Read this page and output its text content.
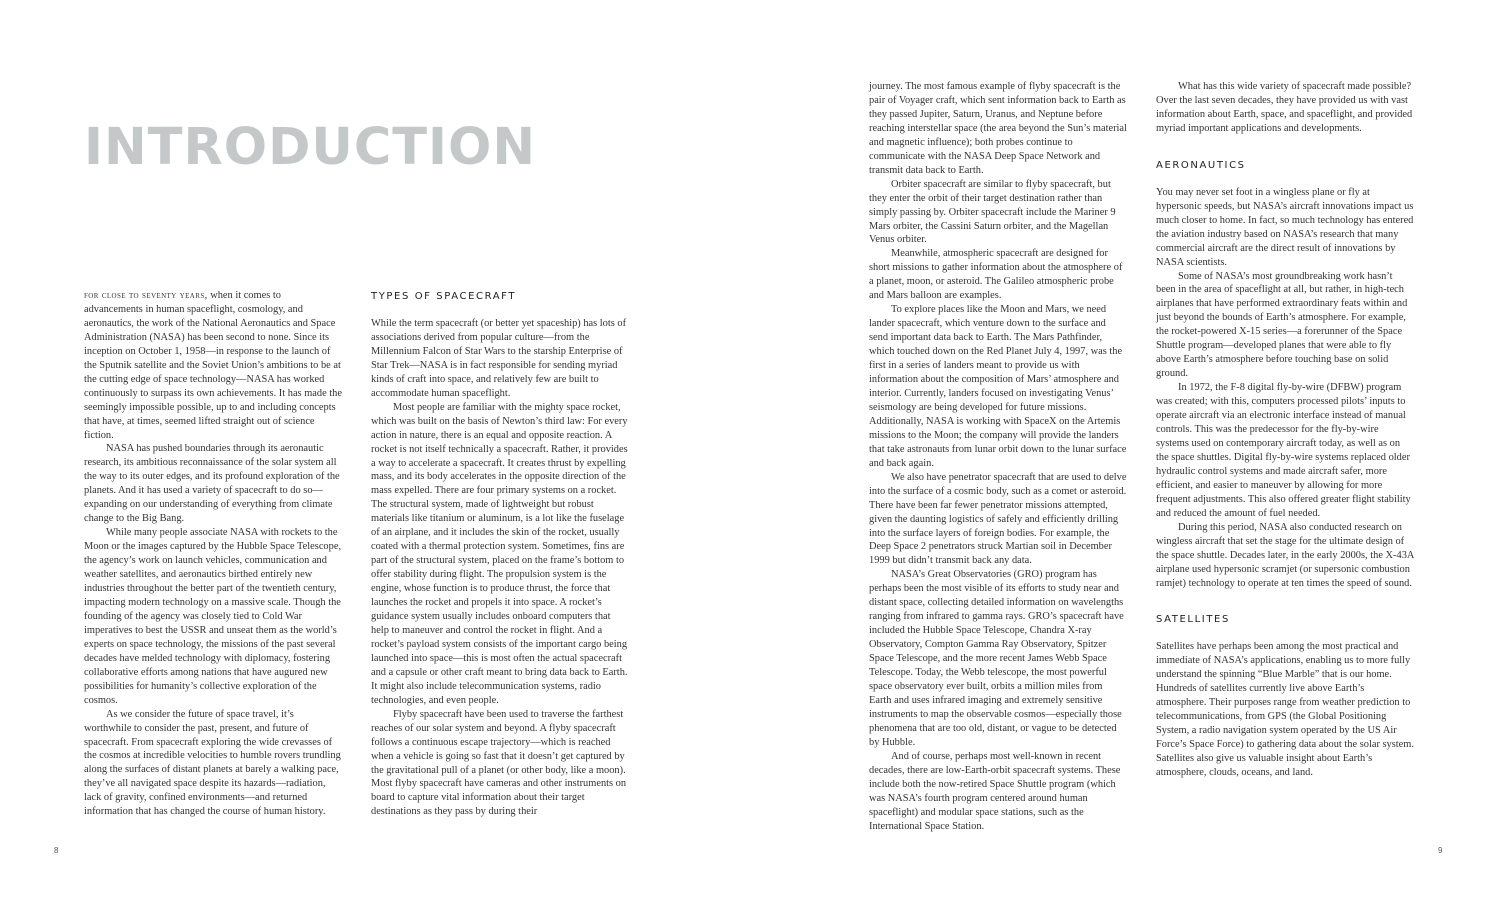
INTRODUCTION

for close to seventy years, when it comes to advancements in human spaceflight, cosmology, and aeronautics, the work of the National Aeronautics and Space Administration (NASA) has been second to none. Since its inception on October 1, 1958—in response to the launch of the Sputnik satellite and the Soviet Union’s ambitions to be at the cutting edge of space technology—NASA has worked continuously to surpass its own achievements. It has made the seemingly impossible possible, up to and including concepts that have, at times, seemed lifted straight out of science fiction.

NASA has pushed boundaries through its aeronautic research, its ambitious reconnaissance of the solar system all the way to its outer edges, and its profound exploration of the planets. And it has used a variety of spacecraft to do so—expanding on our understanding of everything from climate change to the Big Bang.

While many people associate NASA with rockets to the Moon or the images captured by the Hubble Space Telescope, the agency’s work on launch vehicles, communication and weather satellites, and aeronautics birthed entirely new industries throughout the better part of the twentieth century, impacting modern technology on a massive scale. Though the founding of the agency was closely tied to Cold War imperatives to best the USSR and unseat them as the world’s experts on space technology, the missions of the past several decades have melded technology with diplomacy, fostering collaborative efforts among nations that have augured new possibilities for humanity’s collective exploration of the cosmos.

As we consider the future of space travel, it’s worthwhile to consider the past, present, and future of spacecraft. From spacecraft exploring the wide crevasses of the cosmos at incredible velocities to humble rovers trundling along the surfaces of distant planets at barely a walking pace, they’ve all navigated space despite its hazards—radiation, lack of gravity, confined environments—and returned information that has changed the course of human history.

TYPES OF SPACECRAFT

While the term spacecraft (or better yet spaceship) has lots of associations derived from popular culture—from the Millennium Falcon of Star Wars to the starship Enterprise of Star Trek—NASA is in fact responsible for sending myriad kinds of craft into space, and relatively few are built to accommodate human spaceflight.

Most people are familiar with the mighty space rocket, which was built on the basis of Newton’s third law: For every action in nature, there is an equal and opposite reaction. A rocket is not itself technically a spacecraft. Rather, it provides a way to accelerate a spacecraft. It creates thrust by expelling mass, and its body accelerates in the opposite direction of the mass expelled. There are four primary systems on a rocket. The structural system, made of lightweight but robust materials like titanium or aluminum, is a lot like the fuselage of an airplane, and it includes the skin of the rocket, usually coated with a thermal protection system. Sometimes, fins are part of the structural system, placed on the frame’s bottom to offer stability during flight. The propulsion system is the engine, whose function is to produce thrust, the force that launches the rocket and propels it into space. A rocket’s guidance system usually includes onboard computers that help to maneuver and control the rocket in flight. And a rocket’s payload system consists of the important cargo being launched into space—this is most often the actual spacecraft and a capsule or other craft meant to bring data back to Earth. It might also include telecommunication systems, radio technologies, and even people.

Flyby spacecraft have been used to traverse the farthest reaches of our solar system and beyond. A flyby spacecraft follows a continuous escape trajectory—which is reached when a vehicle is going so fast that it doesn’t get captured by the gravitational pull of a planet (or other body, like a moon). Most flyby spacecraft have cameras and other instruments on board to capture vital information about their target destinations as they pass by during their

journey. The most famous example of flyby spacecraft is the pair of Voyager craft, which sent information back to Earth as they passed Jupiter, Saturn, Uranus, and Neptune before reaching interstellar space (the area beyond the Sun’s material and magnetic influence); both probes continue to communicate with the NASA Deep Space Network and transmit data back to Earth.

Orbiter spacecraft are similar to flyby spacecraft, but they enter the orbit of their target destination rather than simply passing by. Orbiter spacecraft include the Mariner 9 Mars orbiter, the Cassini Saturn orbiter, and the Magellan Venus orbiter.

Meanwhile, atmospheric spacecraft are designed for short missions to gather information about the atmosphere of a planet, moon, or asteroid. The Galileo atmospheric probe and Mars balloon are examples.

To explore places like the Moon and Mars, we need lander spacecraft, which venture down to the surface and send important data back to Earth. The Mars Pathfinder, which touched down on the Red Planet July 4, 1997, was the first in a series of landers meant to provide us with information about the composition of Mars’ atmosphere and interior. Currently, landers focused on investigating Venus’ seismology are being developed for future missions. Additionally, NASA is working with SpaceX on the Artemis missions to the Moon; the company will provide the landers that take astronauts from lunar orbit down to the lunar surface and back again.

We also have penetrator spacecraft that are used to delve into the surface of a cosmic body, such as a comet or asteroid. There have been far fewer penetrator missions attempted, given the daunting logistics of safely and efficiently drilling into the surface layers of foreign bodies. For example, the Deep Space 2 penetrators struck Martian soil in December 1999 but didn’t transmit back any data.

NASA’s Great Observatories (GRO) program has perhaps been the most visible of its efforts to study near and distant space, collecting detailed information on wavelengths ranging from infrared to gamma rays. GRO’s spacecraft have included the Hubble Space Telescope, Chandra X-ray Observatory, Compton Gamma Ray Observatory, Spitzer Space Telescope, and the more recent James Webb Space Telescope. Today, the Webb telescope, the most powerful space observatory ever built, orbits a million miles from Earth and uses infrared imaging and extremely sensitive instruments to map the observable cosmos—especially those phenomena that are too old, distant, or vague to be detected by Hubble.

And of course, perhaps most well-known in recent decades, there are low-Earth-orbit spacecraft systems. These include both the now-retired Space Shuttle program (which was NASA’s fourth program centered around human spaceflight) and modular space stations, such as the International Space Station.

What has this wide variety of spacecraft made possible? Over the last seven decades, they have provided us with vast information about Earth, space, and spaceflight, and provided myriad important applications and developments.

AERONAUTICS

You may never set foot in a wingless plane or fly at hypersonic speeds, but NASA’s aircraft innovations impact us much closer to home. In fact, so much technology has entered the aviation industry based on NASA’s research that many commercial aircraft are the direct result of innovations by NASA scientists.

Some of NASA’s most groundbreaking work hasn’t been in the area of spaceflight at all, but rather, in high-tech airplanes that have performed extraordinary feats within and just beyond the bounds of Earth’s atmosphere. For example, the rocket-powered X-15 series—a forerunner of the Space Shuttle program—developed planes that were able to fly above Earth’s atmosphere before touching base on solid ground.

In 1972, the F-8 digital fly-by-wire (DFBW) program was created; with this, computers processed pilots’ inputs to operate aircraft via an electronic interface instead of manual controls. This was the predecessor for the fly-by-wire systems used on contemporary aircraft today, as well as on the space shuttles. Digital fly-by-wire systems replaced older hydraulic control systems and made aircraft safer, more efficient, and easier to maneuver by allowing for more frequent adjustments. This also offered greater flight stability and reduced the amount of fuel needed.

During this period, NASA also conducted research on wingless aircraft that set the stage for the ultimate design of the space shuttle. Decades later, in the early 2000s, the X-43A airplane used hypersonic scramjet (or supersonic combustion ramjet) technology to operate at ten times the speed of sound.

SATELLITES

Satellites have perhaps been among the most practical and immediate of NASA’s applications, enabling us to more fully understand the spinning “Blue Marble” that is our home. Hundreds of satellites currently live above Earth’s atmosphere. Their purposes range from weather prediction to telecommunications, from GPS (the Global Positioning System, a radio navigation system operated by the US Air Force’s Space Force) to gathering data about the solar system. Satellites also give us valuable insight about Earth’s atmosphere, clouds, oceans, and land.

8	9
